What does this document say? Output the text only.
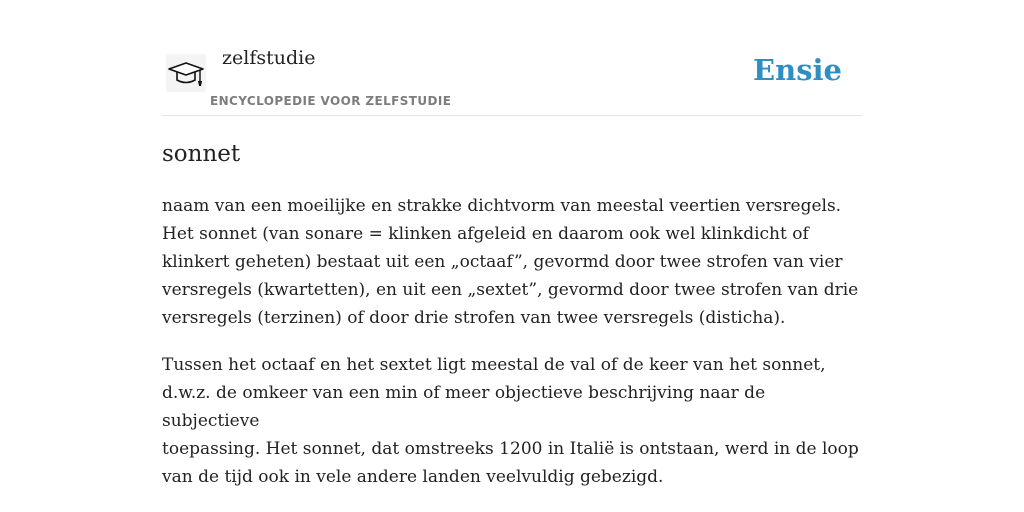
zelfstudie
ENCYCLOPEDIE VOOR ZELFSTUDIE
Ensie
sonnet

naam van een moeilijke en strakke dichtvorm van meestal veertien versregels.
Het sonnet (van sonare = klinken afgeleid en daarom ook wel klinkdicht of
klinkert geheten) bestaat uit een „octaaf”, gevormd door twee strofen van vier
versregels (kwartetten), en uit een „sextet”, gevormd door twee strofen van drie
versregels (terzinen) of door drie strofen van twee versregels (disticha).

Tussen het octaaf en het sextet ligt meestal de val of de keer van het sonnet,
d.w.z. de omkeer van een min of meer objectieve beschrijving naar de subjectieve
toepassing. Het sonnet, dat omstreeks 1200 in Italië is ontstaan, werd in de loop
van de tijd ook in vele andere landen veelvuldig gebezigd.
